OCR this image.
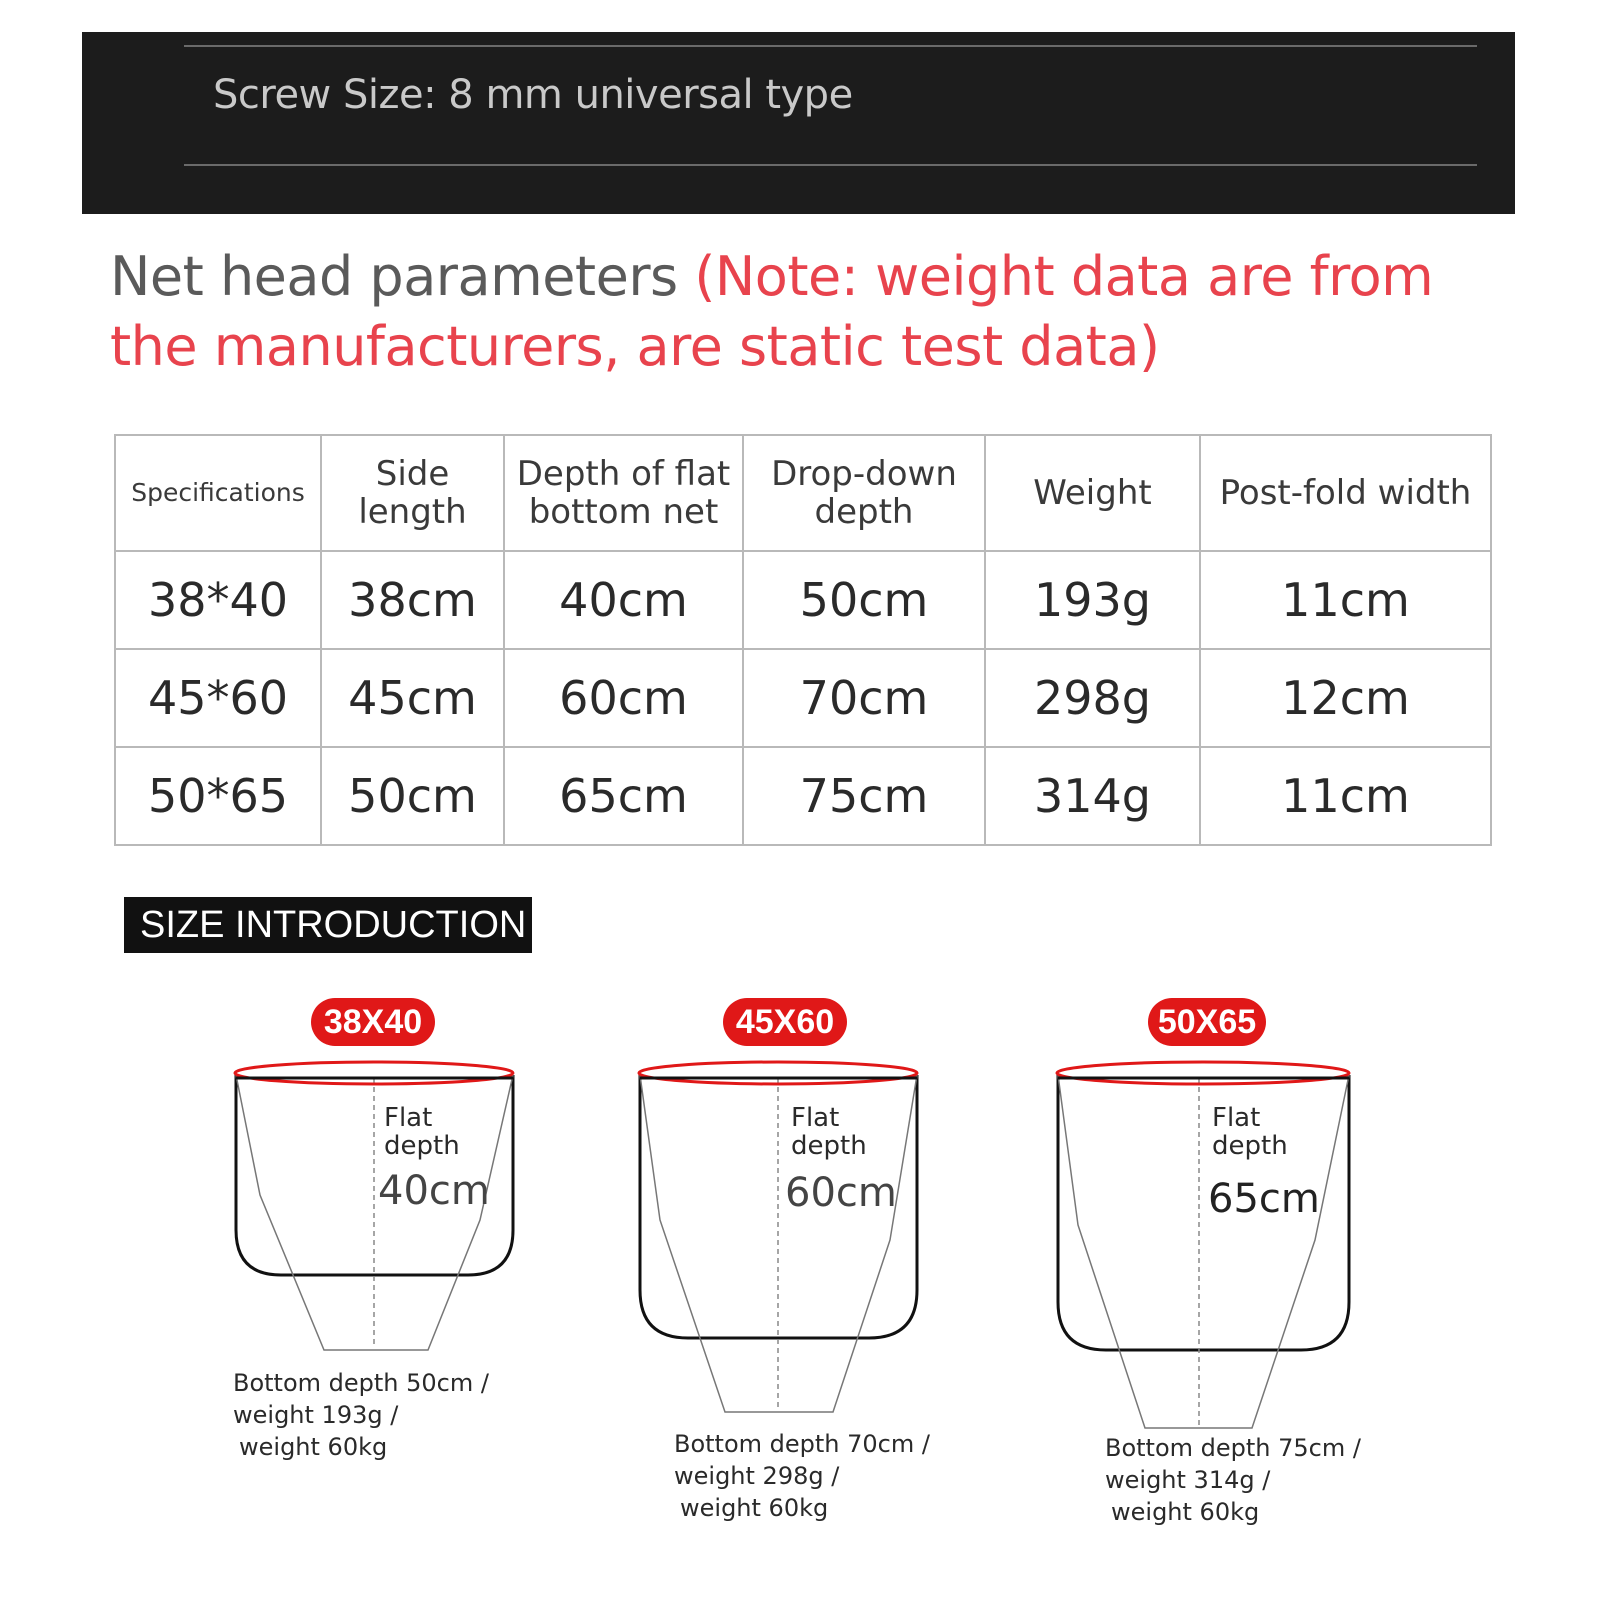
Screw Size: 8 mm universal type
Net head parameters (Note: weight data are from the manufacturers, are static test data)
Specifications	Side length	Depth of flat bottom net	Drop-down depth	Weight	Post-fold width
38*40	38cm	40cm	50cm	193g	11cm
45*60	45cm	60cm	70cm	298g	12cm
50*65	50cm	65cm	75cm	314g	11cm
SIZE INTRODUCTION
38X40
Flat
depth
40cm
Bottom depth 50cm /
weight 193g /
weight 60kg
45X60
Flat
depth
60cm
Bottom depth 70cm /
weight 298g /
weight 60kg
50X65
Flat
depth
65cm
Bottom depth 75cm /
weight 314g /
weight 60kg
